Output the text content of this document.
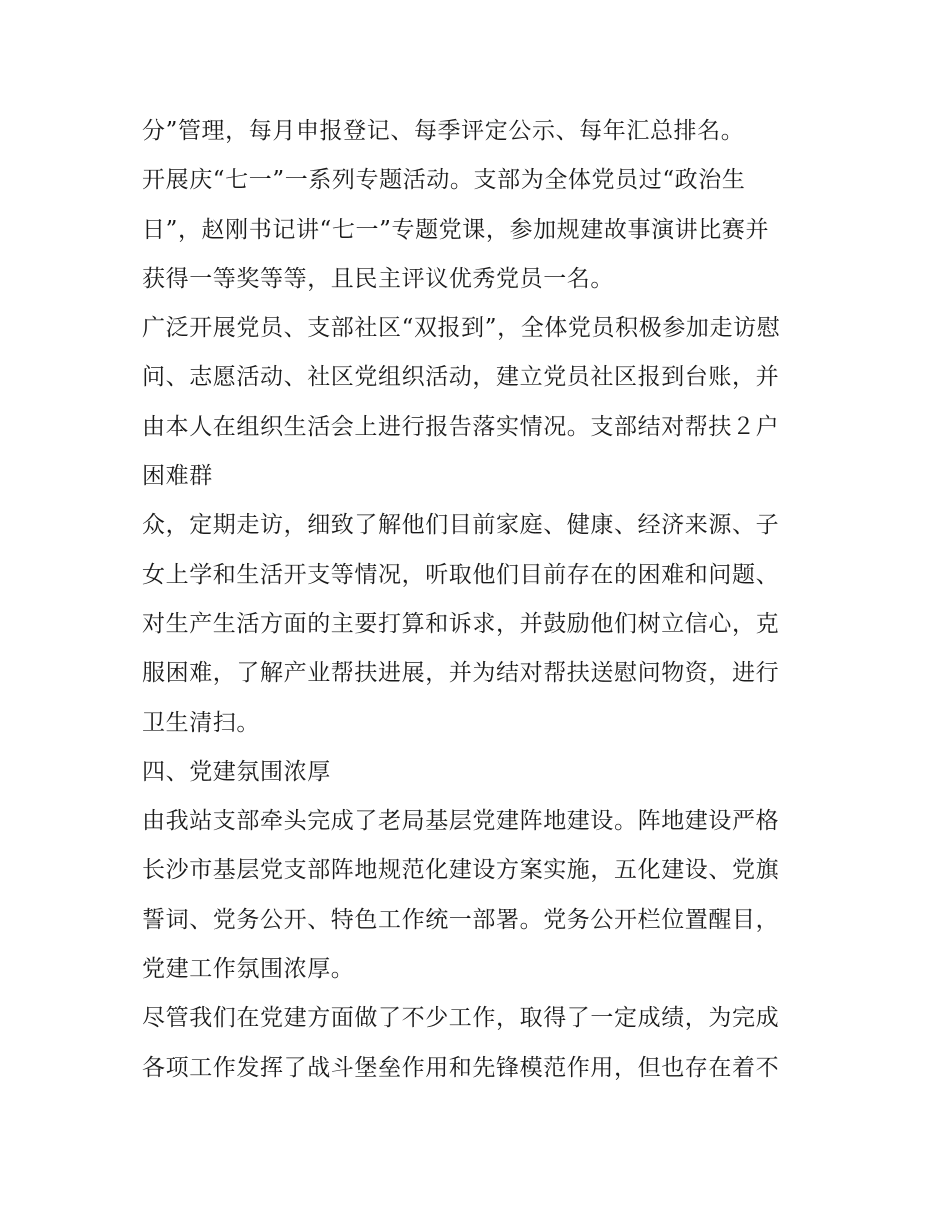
分”管理，每月申报登记、每季评定公示、每年汇总排名。
开展庆“七一”一系列专题活动。支部为全体党员过“政治生
日”，赵刚书记讲“七一”专题党课，参加规建故事演讲比赛并
获得一等奖等等，且民主评议优秀党员一名。
广泛开展党员、支部社区“双报到”，全体党员积极参加走访慰
问、志愿活动、社区党组织活动，建立党员社区报到台账，并
由本人在组织生活会上进行报告落实情况。支部结对帮扶２户
困难群
众，定期走访，细致了解他们目前家庭、健康、经济来源、子
女上学和生活开支等情况，听取他们目前存在的困难和问题、
对生产生活方面的主要打算和诉求，并鼓励他们树立信心，克
服困难，了解产业帮扶进展，并为结对帮扶送慰问物资，进行
卫生清扫。
四、党建氛围浓厚
由我站支部牵头完成了老局基层党建阵地建设。阵地建设严格
长沙市基层党支部阵地规范化建设方案实施，五化建设、党旗
誓词、党务公开、特色工作统一部署。党务公开栏位置醒目，
党建工作氛围浓厚。
尽管我们在党建方面做了不少工作，取得了一定成绩，为完成
各项工作发挥了战斗堡垒作用和先锋模范作用，但也存在着不
